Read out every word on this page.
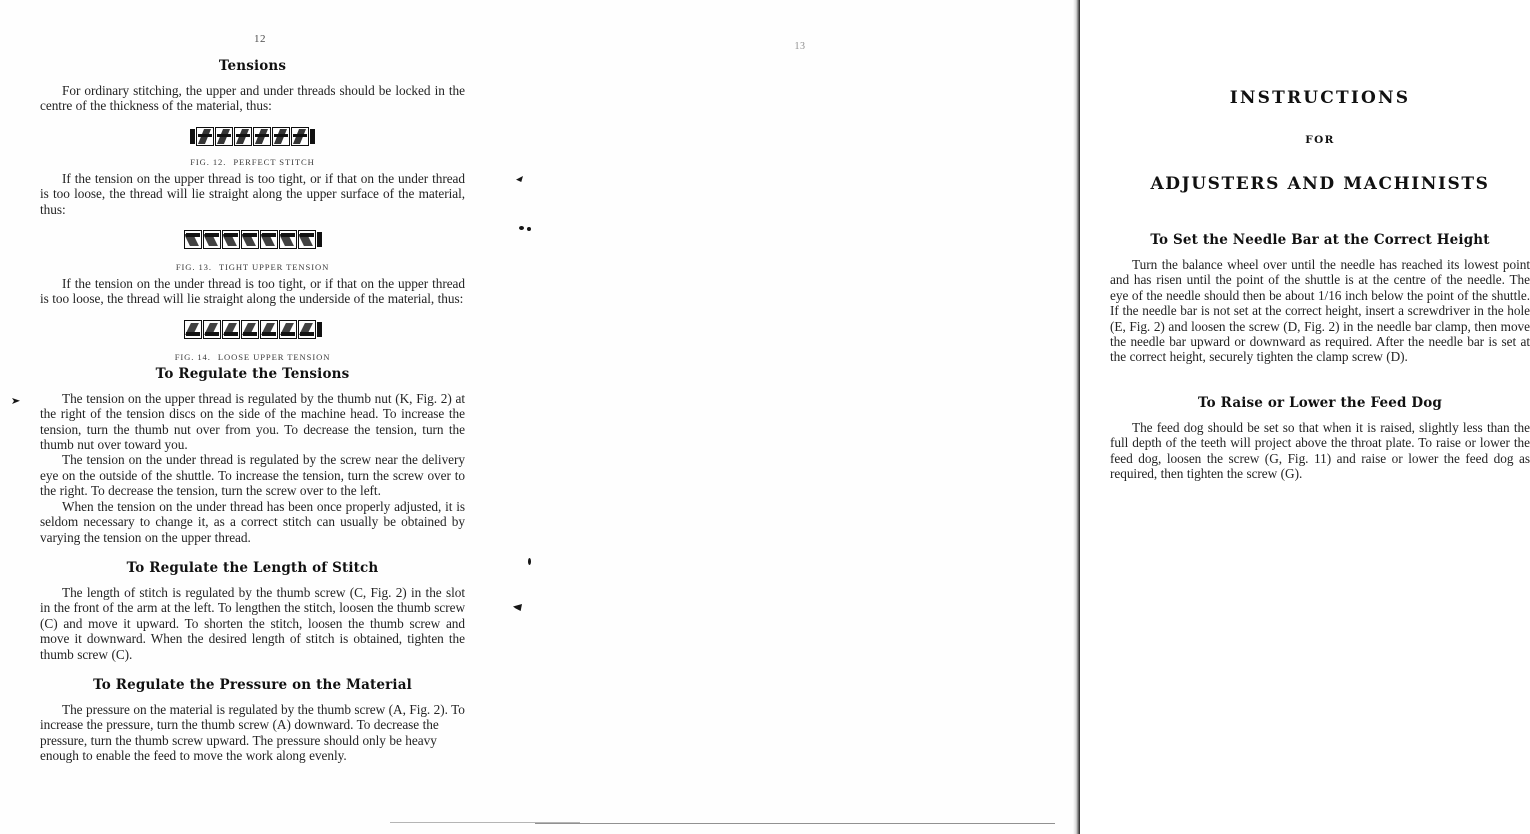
12
Tensions

For ordinary stitching, the upper and under threads should be locked in the centre of the thickness of the material, thus:

FIG. 12. PERFECT STITCH

If the tension on the upper thread is too tight, or if that on the under thread is too loose, the thread will lie straight along the upper surface of the material, thus:

FIG. 13. TIGHT UPPER TENSION

If the tension on the under thread is too tight, or if that on the upper thread is too loose, the thread will lie straight along the underside of the material, thus:

FIG. 14. LOOSE UPPER TENSION
To Regulate the Tensions

The tension on the upper thread is regulated by the thumb nut (K, Fig. 2) at the right of the tension discs on the side of the machine head. To increase the tension, turn the thumb nut over from you. To decrease the tension, turn the thumb nut over toward you.

The tension on the under thread is regulated by the screw near the delivery eye on the outside of the shuttle. To increase the tension, turn the screw over to the right. To decrease the tension, turn the screw over to the left.

When the tension on the under thread has been once properly adjusted, it is seldom necessary to change it, as a correct stitch can usually be obtained by varying the tension on the upper thread.

To Regulate the Length of Stitch

The length of stitch is regulated by the thumb screw (C, Fig. 2) in the slot in the front of the arm at the left. To lengthen the stitch, loosen the thumb screw (C) and move it upward. To shorten the stitch, loosen the thumb screw and move it downward. When the desired length of stitch is obtained, tighten the thumb screw (C).

To Regulate the Pressure on the Material

The pressure on the material is regulated by the thumb screw (A, Fig. 2). To increase the pressure, turn the thumb screw (A) downward. To decrease the pressure, turn the thumb screw upward. The pressure should only be heavy enough to enable the feed to move the work along evenly.

13
INSTRUCTIONS
FOR
ADJUSTERS AND MACHINISTS
To Set the Needle Bar at the Correct Height

Turn the balance wheel over until the needle has reached its lowest point and has risen until the point of the shuttle is at the centre of the needle. The eye of the needle should then be about 1/16 inch below the point of the shuttle. If the needle bar is not set at the correct height, insert a screwdriver in the hole (E, Fig. 2) and loosen the screw (D, Fig. 2) in the needle bar clamp, then move the needle bar upward or downward as required. After the needle bar is set at the correct height, securely tighten the clamp screw (D).

To Raise or Lower the Feed Dog

The feed dog should be set so that when it is raised, slightly less than the full depth of the teeth will project above the throat plate. To raise or lower the feed dog, loosen the screw (G, Fig. 11) and raise or lower the feed dog as required, then tighten the screw (G).
